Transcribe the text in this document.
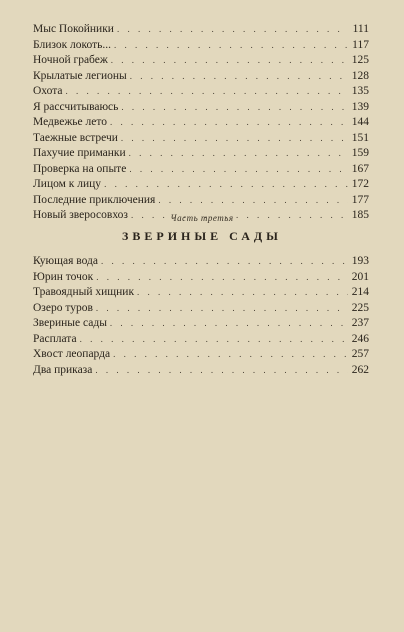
Мыс Покойники . . .	111
Близок локоть... . . .	117
Ночной грабеж . . .	125
Крылатые легионы . . .	128
Охота . . .	135
Я рассчитываюсь . . .	139
Медвежье лето . . .	144
Таежные встречи . . .	151
Пахучие приманки . . .	159
Проверка на опыте . . .	167
Лицом к лицу . . .	172
Последние приключения . . .	177
Новый зверосовхоз . . .	185
Часть третья
ЗВЕРИНЫЕ САДЫ
Кующая вода . . .	193
Юрин точок . . .	201
Травоядный хищник . . .	214
Озеро туров . . .	225
Звериные сады . . .	237
Расплата . . .	246
Хвост леопарда . . .	257
Два приказа . . .	262
